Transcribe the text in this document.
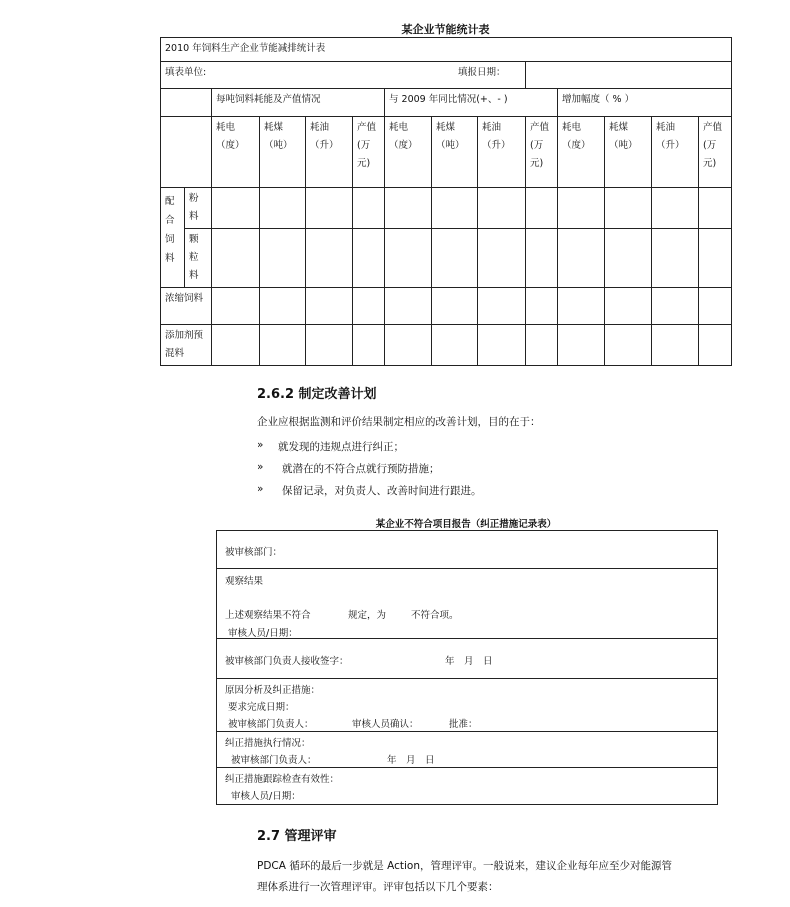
某企业节能统计表
2010 年饲料生产企业节能减排统计表													
填表单位:									填报日期：				
		每吨饲料耗能及产值情况				与 2009 年同比情况(+、- )				增加幅度（ % ）			
		耗电（度）	耗煤（吨）	耗油（升）	产值(万元)	耗电（度）	耗煤（吨）	耗油（升）	产值(万元)	耗电（度）	耗煤（吨）	耗油（升）	产值(万元)
配合饲料	粉料												
	颗粒料												
浓缩饲料													
添加剂预混料													
2.6.2 制定改善计划
企业应根据监测和评价结果制定相应的改善计划，目的在于：
» 就发现的违规点进行纠正；
» 就潜在的不符合点就行预防措施；
» 保留记录，对负责人、改善时间进行跟进。
某企业不符合项目报告（纠正措施记录表）
被审核部门：
观察结果
上述观察结果不符合	规定，为	不符合项。
审核人员/日期：
被审核部门负责人接收签字：	年　月　日
原因分析及纠正措施：
要求完成日期：
被审核部门负责人：	审核人员确认：	批准：
纠正措施执行情况：
被审核部门负责人：	年　月　日
纠正措施跟踪检查有效性：
审核人员/日期：
2.7 管理评审
PDCA 循环的最后一步就是 Action，管理评审。一般说来，建议企业每年应至少对能源管
理体系进行一次管理评审。评审包括以下几个要素：
